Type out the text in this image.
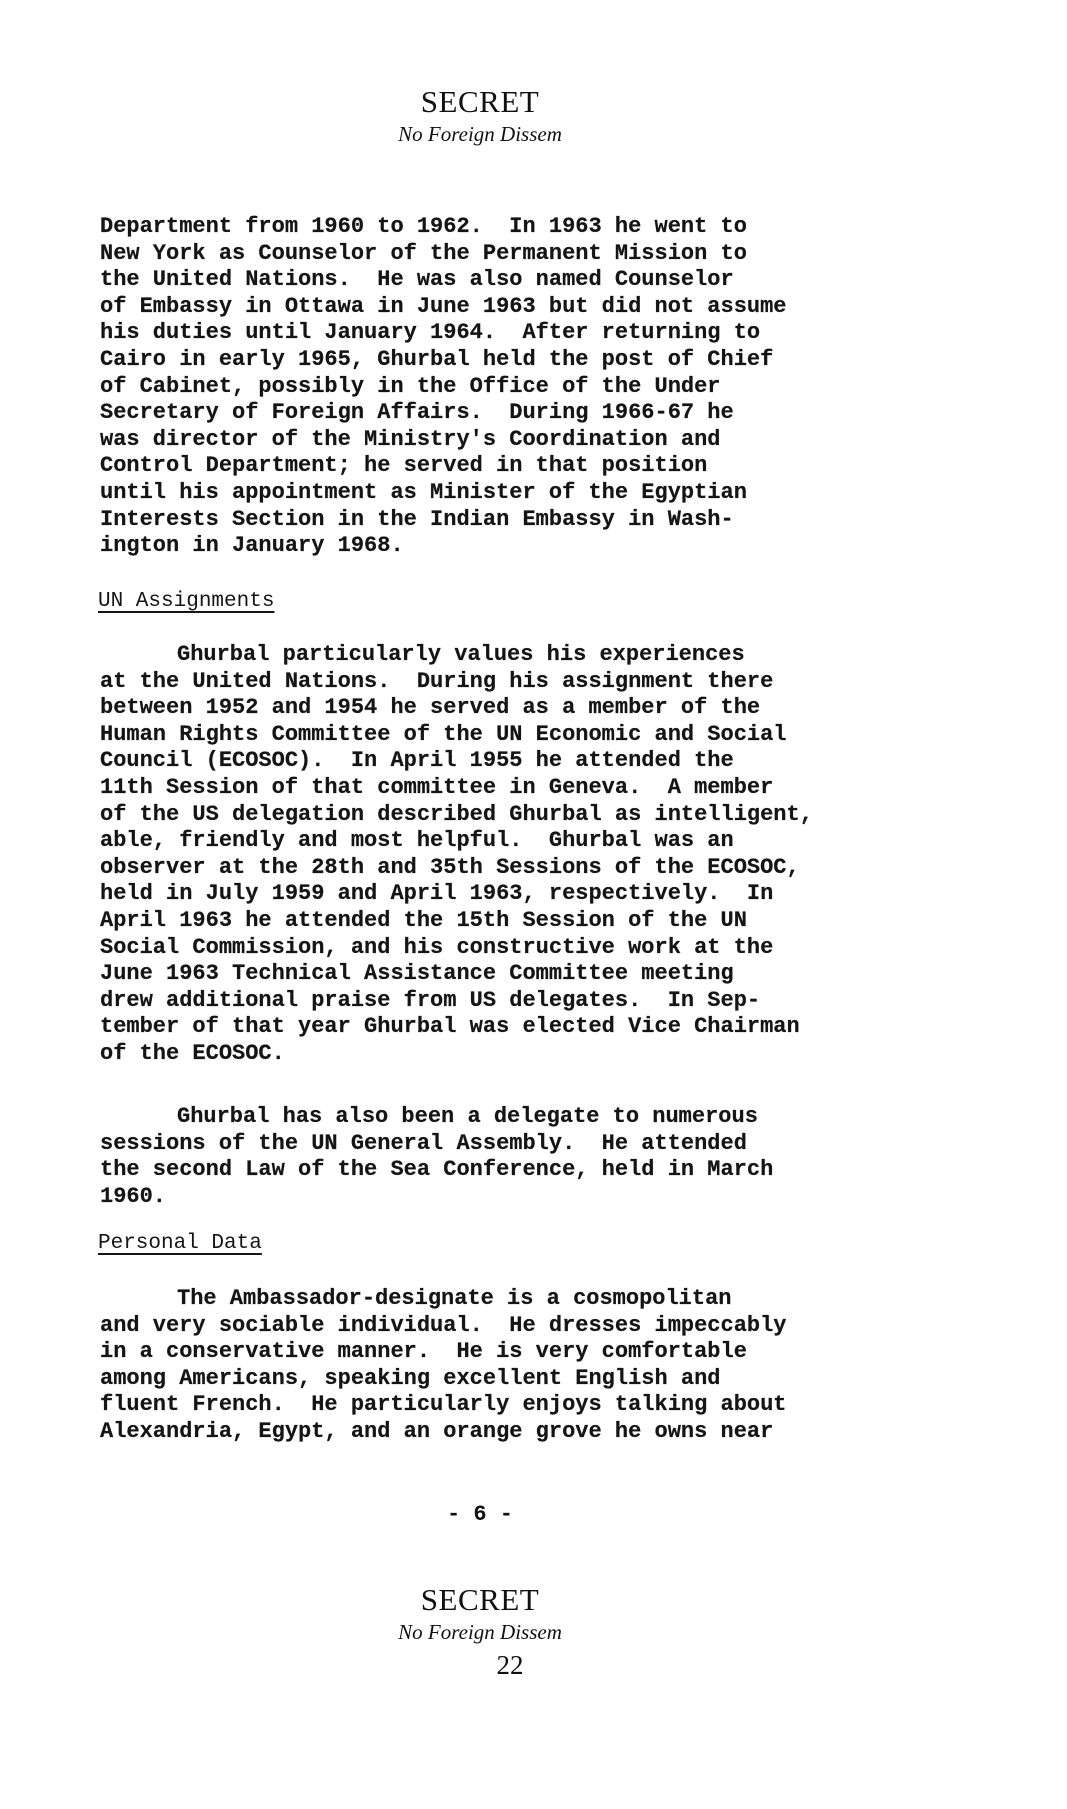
SECRET
No Foreign Dissem

Department from 1960 to 1962.  In 1963 he went to
New York as Counselor of the Permanent Mission to
the United Nations.  He was also named Counselor
of Embassy in Ottawa in June 1963 but did not assume
his duties until January 1964.  After returning to
Cairo in early 1965, Ghurbal held the post of Chief
of Cabinet, possibly in the Office of the Under
Secretary of Foreign Affairs.  During 1966-67 he
was director of the Ministry's Coordination and
Control Department; he served in that position
until his appointment as Minister of the Egyptian
Interests Section in the Indian Embassy in Wash-
ington in January 1968.

UN Assignments

Ghurbal particularly values his experiences
at the United Nations.  During his assignment there
between 1952 and 1954 he served as a member of the
Human Rights Committee of the UN Economic and Social
Council (ECOSOC).  In April 1955 he attended the
11th Session of that committee in Geneva.  A member
of the US delegation described Ghurbal as intelligent,
able, friendly and most helpful.  Ghurbal was an
observer at the 28th and 35th Sessions of the ECOSOC,
held in July 1959 and April 1963, respectively.  In
April 1963 he attended the 15th Session of the UN
Social Commission, and his constructive work at the
June 1963 Technical Assistance Committee meeting
drew additional praise from US delegates.  In Sep-
tember of that year Ghurbal was elected Vice Chairman
of the ECOSOC.

Ghurbal has also been a delegate to numerous
sessions of the UN General Assembly.  He attended
the second Law of the Sea Conference, held in March
1960.

Personal Data

The Ambassador-designate is a cosmopolitan
and very sociable individual.  He dresses impeccably
in a conservative manner.  He is very comfortable
among Americans, speaking excellent English and
fluent French.  He particularly enjoys talking about
Alexandria, Egypt, and an orange grove he owns near

- 6 -
SECRET
No Foreign Dissem
22
